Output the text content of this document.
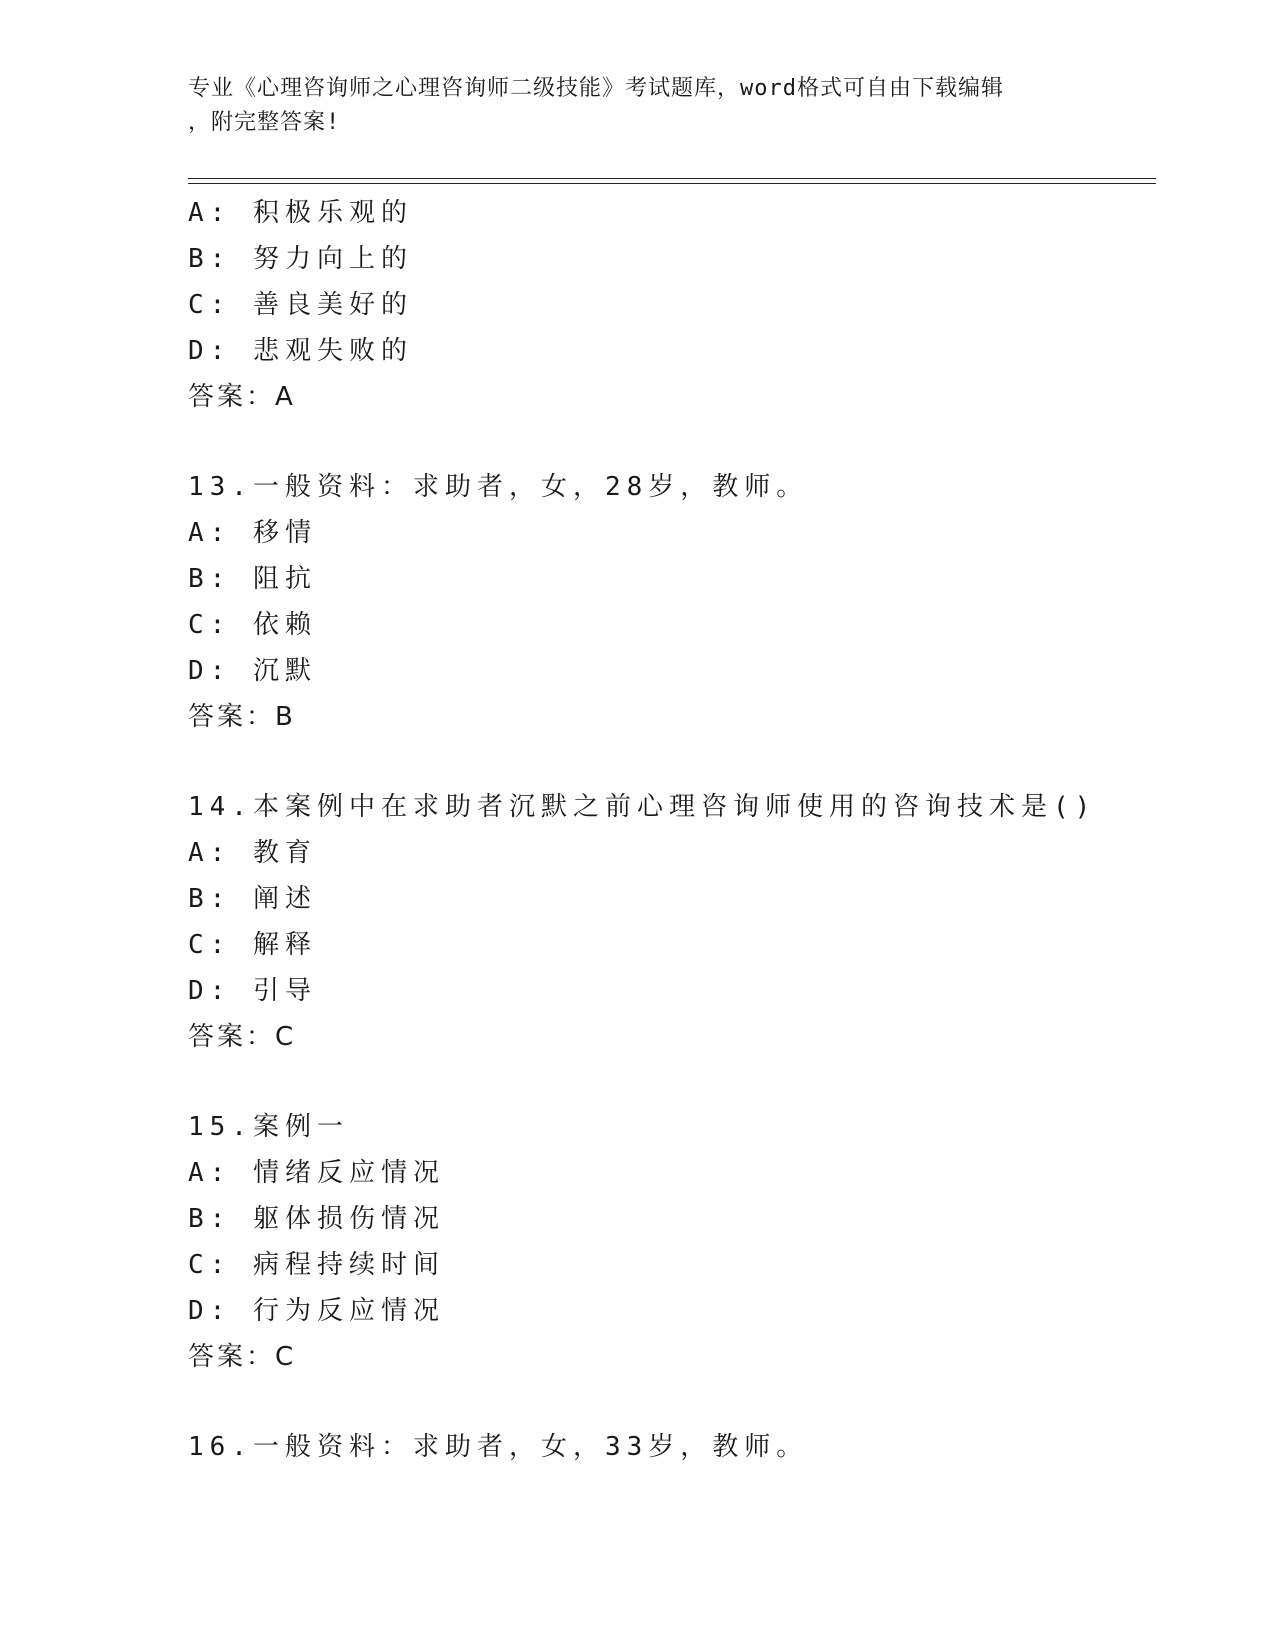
专业《心理咨询师之心理咨询师二级技能》考试题库，word格式可自由下载编辑
，附完整答案!
A: 积极乐观的
B: 努力向上的
C: 善良美好的
D: 悲观失败的
答案：A
13.一般资料：求助者，女，28岁，教师。
A: 移情
B: 阻抗
C: 依赖
D: 沉默
答案：B
14.本案例中在求助者沉默之前心理咨询师使用的咨询技术是()
A: 教育
B: 阐述
C: 解释
D: 引导
答案：C
15.案例一
A: 情绪反应情况
B: 躯体损伤情况
C: 病程持续时间
D: 行为反应情况
答案：C
16.一般资料：求助者，女，33岁，教师。
